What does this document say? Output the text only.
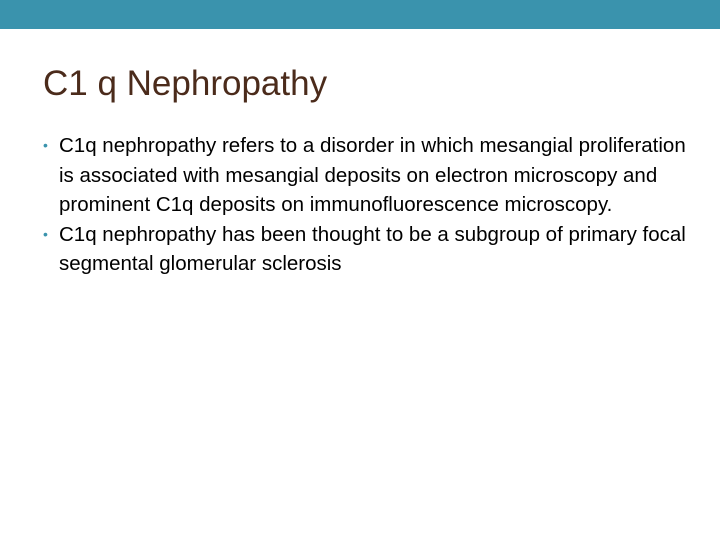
C1 q Nephropathy
• C1q nephropathy refers to a disorder in which mesangial proliferation is associated with mesangial deposits on electron microscopy and prominent C1q deposits on immunofluorescence microscopy.
• C1q nephropathy has been thought to be a subgroup of primary focal segmental glomerular sclerosis
